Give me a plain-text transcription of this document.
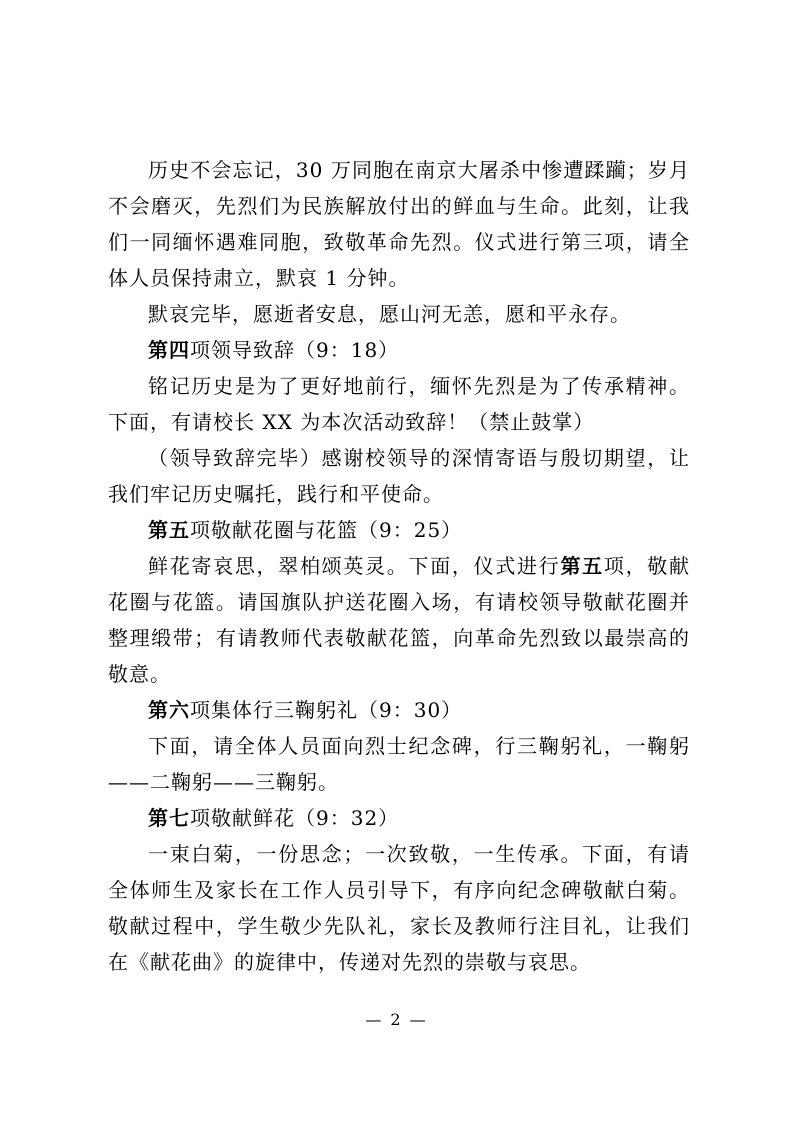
历史不会忘记，30 万同胞在南京大屠杀中惨遭蹂躏；岁月不会磨灭，先烈们为民族解放付出的鲜血与生命。此刻，让我们一同缅怀遇难同胞，致敬革命先烈。仪式进行第三项，请全体人员保持肃立，默哀 1 分钟。

默哀完毕，愿逝者安息，愿山河无恙，愿和平永存。

第四项领导致辞（9：18）

铭记历史是为了更好地前行，缅怀先烈是为了传承精神。下面，有请校长 XX 为本次活动致辞！（禁止鼓掌）

（领导致辞完毕）感谢校领导的深情寄语与殷切期望，让我们牢记历史嘱托，践行和平使命。

第五项敬献花圈与花篮（9：25）

鲜花寄哀思，翠柏颂英灵。下面，仪式进行第五项，敬献花圈与花篮。请国旗队护送花圈入场，有请校领导敬献花圈并整理缎带；有请教师代表敬献花篮，向革命先烈致以最崇高的敬意。

第六项集体行三鞠躬礼（9：30）

下面，请全体人员面向烈士纪念碑，行三鞠躬礼，一鞠躬——二鞠躬——三鞠躬。

第七项敬献鲜花（9：32）

一束白菊，一份思念；一次致敬，一生传承。下面，有请全体师生及家长在工作人员引导下，有序向纪念碑敬献白菊。敬献过程中，学生敬少先队礼，家长及教师行注目礼，让我们在《献花曲》的旋律中，传递对先烈的崇敬与哀思。

— 2 —
